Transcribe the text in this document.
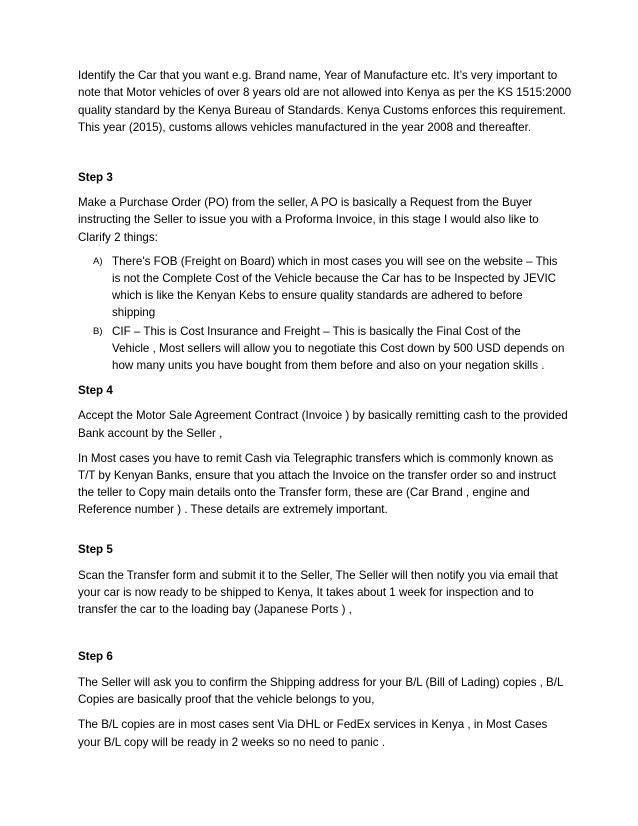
Identify the Car that you want e.g. Brand name, Year of Manufacture etc. It’s very important to
note that Motor vehicles of over 8 years old are not allowed into Kenya as per the KS 1515:2000
quality standard by the Kenya Bureau of Standards. Kenya Customs enforces this requirement.
This year (2015), customs allows vehicles manufactured in the year 2008 and thereafter.
Step 3
Make a Purchase Order (PO) from the seller, A PO is basically a Request from the Buyer
instructing the Seller to issue you with a Proforma Invoice, in this stage I would also like to
Clarify 2 things:
A) There’s FOB (Freight on Board) which in most cases you will see on the website – This
is not the Complete Cost of the Vehicle because the Car has to be Inspected by JEVIC
which is like the Kenyan Kebs to ensure quality standards are adhered to before
shipping
B) CIF – This is Cost Insurance and Freight – This is basically the Final Cost of the
Vehicle , Most sellers will allow you to negotiate this Cost down by 500 USD depends on
how many units you have bought from them before and also on your negation skills .
Step 4
Accept the Motor Sale Agreement Contract (Invoice ) by basically remitting cash to the provided
Bank account by the Seller ,
In Most cases you have to remit Cash via Telegraphic transfers which is commonly known as
T/T by Kenyan Banks, ensure that you attach the Invoice on the transfer order so and instruct
the teller to Copy main details onto the Transfer form, these are (Car Brand , engine and
Reference number ) . These details are extremely important.
Step 5
Scan the Transfer form and submit it to the Seller, The Seller will then notify you via email that
your car is now ready to be shipped to Kenya, It takes about 1 week for inspection and to
transfer the car to the loading bay (Japanese Ports ) ,
Step 6
The Seller will ask you to confirm the Shipping address for your B/L (Bill of Lading) copies , B/L
Copies are basically proof that the vehicle belongs to you,
The B/L copies are in most cases sent Via DHL or FedEx services in Kenya , in Most Cases
your B/L copy will be ready in 2 weeks so no need to panic .
